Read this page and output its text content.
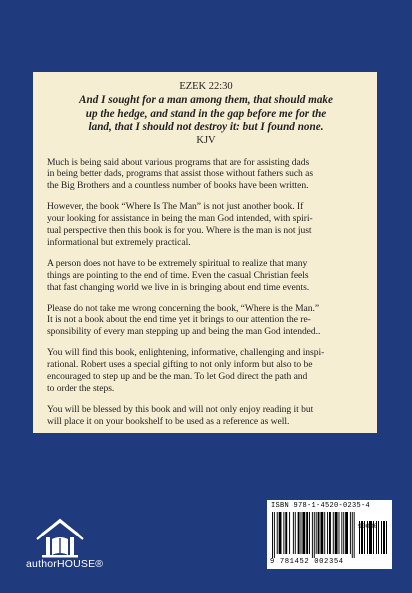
EZEK 22:30

And I sought for a man among them, that should make
up the hedge, and stand in the gap before me for the
land, that I should not destroy it: but I found none.

KJV

Much is being said about various programs that are for assisting dads
in being better dads, programs that assist those without fathers such as
the Big Brothers and a countless number of books have been written.

However, the book “Where Is The Man” is not just another book. If
your looking for assistance in being the man God intended, with spiri-
tual perspective then this book is for you. Where is the man is not just
informational but extremely practical.

A person does not have to be extremely spiritual to realize that many
things are pointing to the end of time. Even the casual Christian feels
that fast changing world we live in is bringing about end time events.

Please do not take me wrong concerning the book, “Where is the Man.”
It is not a book about the end time yet it brings to our attention the re-
sponsibility of every man stepping up and being the man God intended..

You will find this book, enlightening, informative, challenging and inspi-
rational. Robert uses a special gifting to not only inform but also to be
encouraged to step up and be the man. To let God direct the path and
to order the steps.

You will be blessed by this book and will not only enjoy reading it but
will place it on your bookshelf to be used as a reference as well.

authorHOUSE®
ISBN 978-1-4520-0235-4
9 781452 002354
